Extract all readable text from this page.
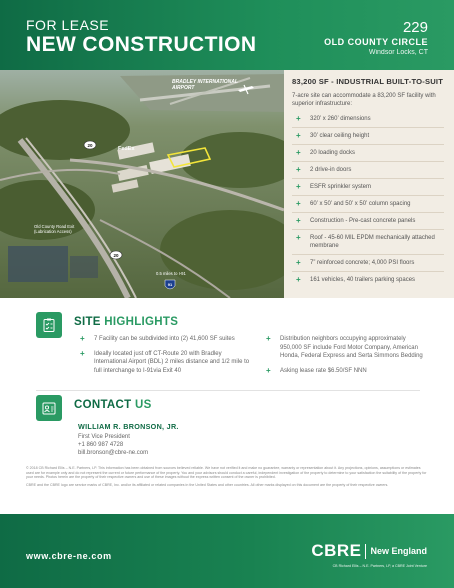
FOR LEASE
NEW CONSTRUCTION
229
OLD COUNTY CIRCLE
Windsor Locks, CT
20
20
91
BRADLEY INTERNATIONAL AIRPORT
FedEx
Old County Road Exit (Lubrication Access)
0.5 miles to I-91
83,200 SF - INDUSTRIAL BUILT-TO-SUIT
7-acre site can accommodate a 83,200 SF facility with superior infrastructure:
+ 320’ x 260’ dimensions
+ 30’ clear ceiling height
+ 20 loading docks
+ 2 drive-in doors
+ ESFR sprinkler system
+ 60’ x 50’ and 50’ x 50’ column spacing
+ Construction - Pre-cast concrete panels
+ Roof - 45-60 MIL EPDM mechanically attached membrane
+ 7” reinforced concrete; 4,000 PSI floors
+ 161 vehicles, 40 trailers parking spaces
SITE HIGHLIGHTS
+ 7 Facility can be subdivided into (2) 41,600 SF suites
+ Ideally located just off CT-Route 20 with Bradley International Airport (BDL) 2 miles distance and 1/2 mile to full interchange to I-91via Exit 40
+ Distribution neighbors occupying approximately 950,000 SF include Ford Motor Company, American Honda, Federal Express and Serta Simmons Bedding
+ Asking lease rate $6.50/SF NNN
CONTACT US
WILLIAM R. BRONSON, JR.
First Vice President
+1 860 987 4728
bill.bronson@cbre-ne.com

© 2018 CB Richard Ellis – N.E. Partners, LP. This information has been obtained from sources believed reliable. We have not verified it and make no guarantee, warranty or representation about it. Any projections, opinions, assumptions or estimates used are for example only and do not represent the current or future performance of the property. You and your advisors should conduct a careful, independent investigation of the property to determine to your satisfaction the suitability of the property for your needs. Photos herein are the property of their respective owners and use of these images without the express written consent of the owner is prohibited.

CBRE and the CBRE logo are service marks of CBRE, Inc. and/or its affiliated or related companies in the United States and other countries. All other marks displayed on this document are the property of their respective owners.

www.cbre-ne.com	CBRE New England
CB Richard Ellis – N.E. Partners, LP, a CBRE Joint Venture
